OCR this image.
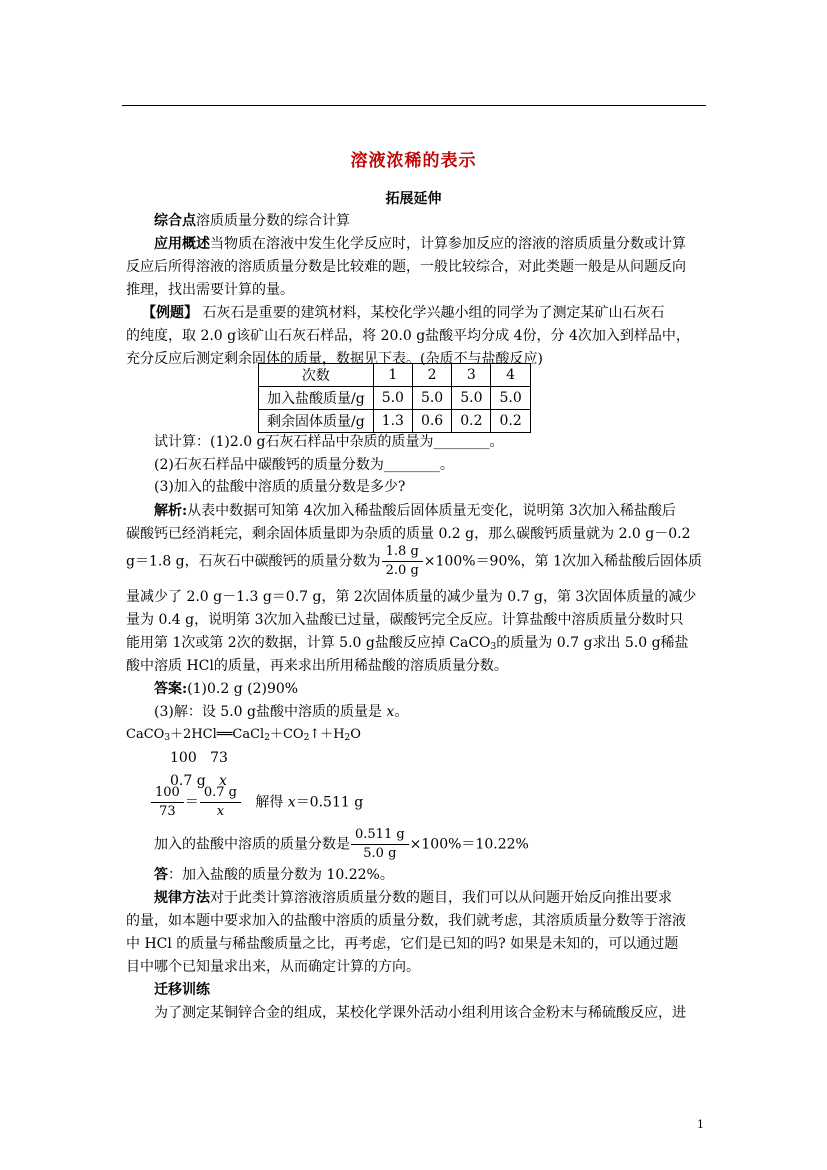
溶液浓稀的表示
拓展延伸
综合点溶质质量分数的综合计算
应用概述当物质在溶液中发生化学反应时，计算参加反应的溶液的溶质质量分数或计算
反应后所得溶液的溶质质量分数是比较难的题，一般比较综合，对此类题一般是从问题反向
推理，找出需要计算的量。
【例题】 石灰石是重要的建筑材料，某校化学兴趣小组的同学为了测定某矿山石灰石
的纯度，取 2.0 g该矿山石灰石样品，将 20.0 g盐酸平均分成 4份，分 4次加入到样品中，
充分反应后测定剩余固体的质量，数据见下表。(杂质不与盐酸反应)
次数	1	2	3	4
加入盐酸质量/g	5.0	5.0	5.0	5.0
剩余固体质量/g	1.3	0.6	0.2	0.2
试计算：(1)2.0 g石灰石样品中杂质的质量为________。
(2)石灰石样品中碳酸钙的质量分数为________。
(3)加入的盐酸中溶质的质量分数是多少?
解析:从表中数据可知第 4次加入稀盐酸后固体质量无变化，说明第 3次加入稀盐酸后
碳酸钙已经消耗完，剩余固体质量即为杂质的质量 0.2 g，那么碳酸钙质量就为 2.0 g－0.2
g＝1.8 g，石灰石中碳酸钙的质量分数为 $\frac{1.8 g}{2.0 g} \times 100\%=90\%$，第 1次加入稀盐酸后固体质
量减少了 2.0 g－1.3 g＝0.7 g，第 2次固体质量的减少量为 0.7 g，第 3次固体质量的减少
量为 0.4 g，说明第 3次加入盐酸已过量，碳酸钙完全反应。计算盐酸中溶质质量分数时只
能用第 1次或第 2次的数据，计算 5.0 g盐酸反应掉 CaCO$_3$的质量为 0.7 g求出 5.0 g稀盐
酸中溶质 HCl的质量，再来求出所用稀盐酸的溶质质量分数。
答案:(1)0.2 g (2)90%
(3)解：设 5.0 g盐酸中溶质的质量是 x。
$CaCO_3+2HCl══CaCl_2+CO_2↑+H_2O$
100   73
0.7 g   x
$\frac{100}{73} = \frac{0.7 g}{x}$ 解得 x＝0.511 g
加入的盐酸中溶质的质量分数是 $\frac{0.511 g}{5.0 g} \times 100\%=10.22\%$
答：加入盐酸的质量分数为 10.22%。
规律方法对于此类计算溶液溶质质量分数的题目，我们可以从问题开始反向推出要求
的量，如本题中要求加入的盐酸中溶质的质量分数，我们就考虑，其溶质质量分数等于溶液
中 HCl 的质量与稀盐酸质量之比，再考虑，它们是已知的吗? 如果是未知的，可以通过题
目中哪个已知量求出来，从而确定计算的方向。
迁移训练
为了测定某铜锌合金的组成，某校化学课外活动小组利用该合金粉末与稀硫酸反应，进
1
